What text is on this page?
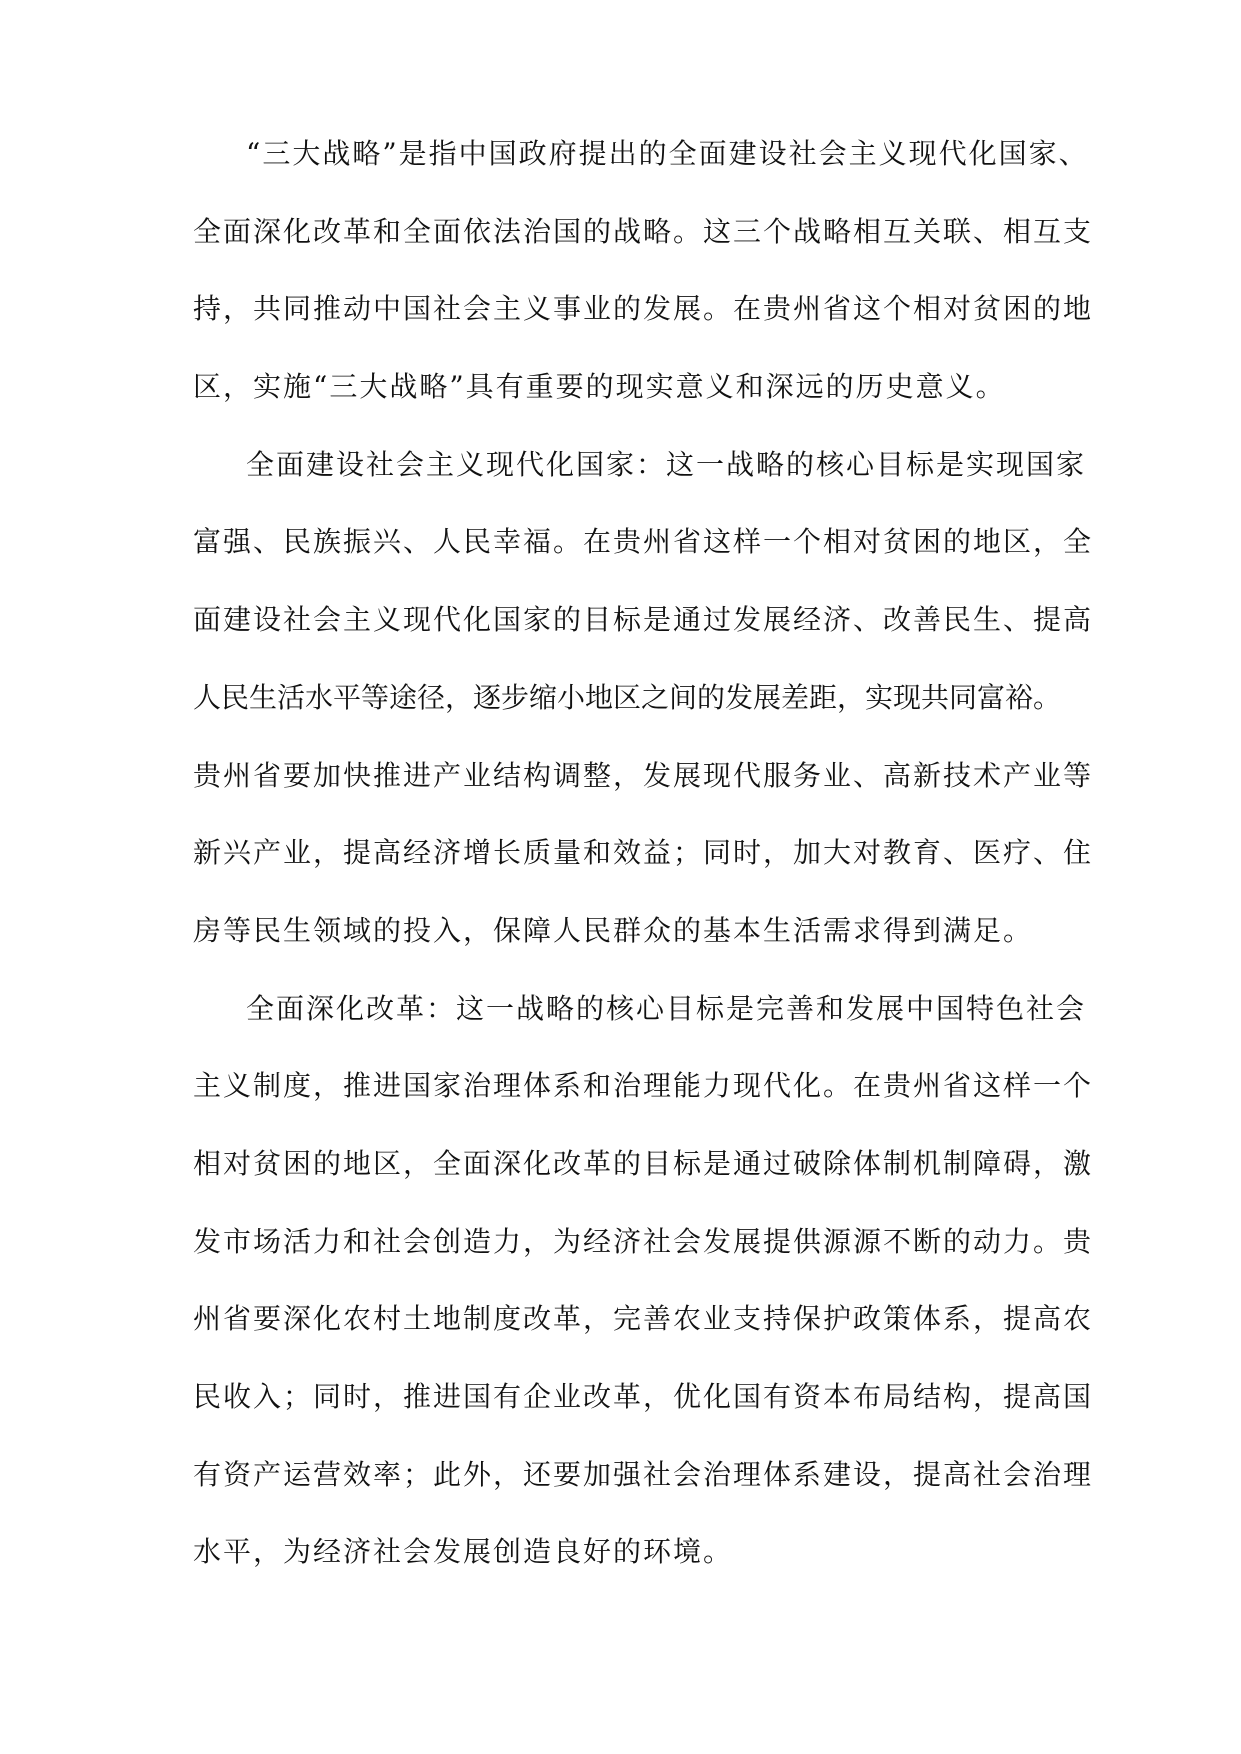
“三大战略”是指中国政府提出的全面建设社会主义现代化国家、
全面深化改革和全面依法治国的战略。这三个战略相互关联、相互支
持，共同推动中国社会主义事业的发展。在贵州省这个相对贫困的地
区，实施“三大战略”具有重要的现实意义和深远的历史意义。
全面建设社会主义现代化国家：这一战略的核心目标是实现国家
富强、民族振兴、人民幸福。在贵州省这样一个相对贫困的地区，全
面建设社会主义现代化国家的目标是通过发展经济、改善民生、提高
人民生活水平等途径，逐步缩小地区之间的发展差距，实现共同富裕。
贵州省要加快推进产业结构调整，发展现代服务业、高新技术产业等
新兴产业，提高经济增长质量和效益；同时，加大对教育、医疗、住
房等民生领域的投入，保障人民群众的基本生活需求得到满足。
全面深化改革：这一战略的核心目标是完善和发展中国特色社会
主义制度，推进国家治理体系和治理能力现代化。在贵州省这样一个
相对贫困的地区，全面深化改革的目标是通过破除体制机制障碍，激
发市场活力和社会创造力，为经济社会发展提供源源不断的动力。贵
州省要深化农村土地制度改革，完善农业支持保护政策体系，提高农
民收入；同时，推进国有企业改革，优化国有资本布局结构，提高国
有资产运营效率；此外，还要加强社会治理体系建设，提高社会治理
水平，为经济社会发展创造良好的环境。
